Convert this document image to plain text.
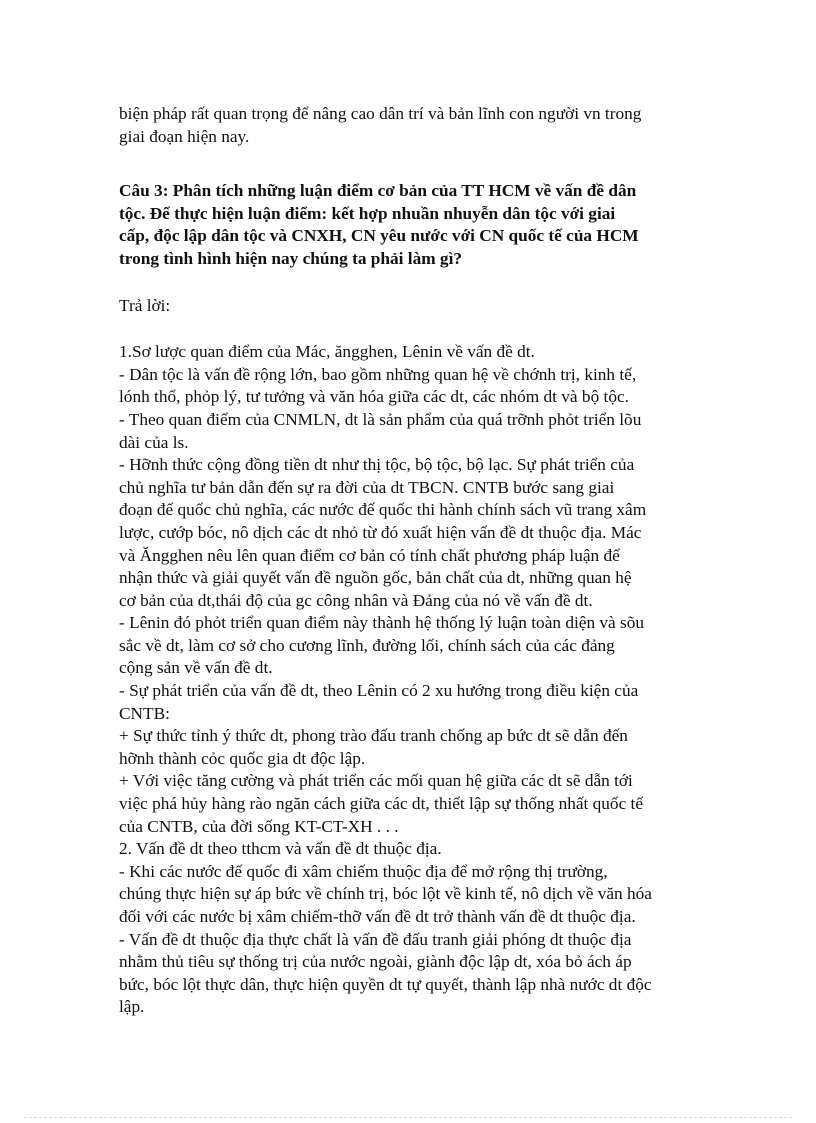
biện pháp rất quan trọng để nâng cao dân trí và bản lĩnh con người vn trong
giai đoạn hiện nay.

Câu 3: Phân tích những luận điểm cơ bản của TT HCM về vấn đề dân
tộc. Để thực hiện luận điểm: kết hợp nhuần nhuyễn dân tộc với giai
cấp, độc lập dân tộc và CNXH, CN yêu nước với CN quốc tế của HCM
trong tình hình hiện nay chúng ta phải làm gì?

Trả lời:

1.Sơ lược quan điểm của Mác, ăngghen, Lênin về vấn đề dt.
- Dân tộc là vấn đề rộng lớn, bao gồm những quan hệ về chớnh trị, kinh tế,
lónh thổ, phỏp lý, tư tưởng và văn hóa giữa các dt, các nhóm dt và bộ tộc.
- Theo quan điểm của CNMLN, dt là sản phẩm của quá trỡnh phỏt triển lõu
dài của ls.
- Hỡnh thức cộng đồng tiền dt như thị tộc, bộ tộc, bộ lạc. Sự phát triển của
chủ nghĩa tư bản dẫn đến sự ra đời của dt TBCN. CNTB bước sang giai
đoạn đế quốc chủ nghĩa, các nước đế quốc thi hành chính sách vũ trang xâm
lược, cướp bóc, nô dịch các dt nhỏ từ đó xuất hiện vấn đề dt thuộc địa. Mác
và Ăngghen nêu lên quan điểm cơ bản có tính chất phương pháp luận để
nhận thức và giải quyết vấn đề nguồn gốc, bản chất của dt, những quan hệ
cơ bản của dt,thái độ của gc công nhân và Đảng của nó về vấn đề dt.
- Lênin đó phỏt triển quan điểm này thành hệ thống lý luận toàn diện và sõu
sắc về dt, làm cơ sở cho cương lĩnh, đường lối, chính sách của các đảng
cộng sản về vấn đề dt.
- Sự phát triển của vấn đề dt, theo Lênin có 2 xu hướng trong điều kiện của
CNTB:
+ Sự thức tỉnh ý thức dt, phong trào đấu tranh chống ap bức dt sẽ dẫn đến
hỡnh thành cỏc quốc gia dt độc lập.
+ Với việc tăng cường và phát triển các mối quan hệ giữa các dt sẽ dẫn tới
việc phá hủy hàng rào ngăn cách giữa các dt, thiết lập sự thống nhất quốc tế
của CNTB, của đời sống KT-CT-XH . . .
2. Vấn đề dt theo tthcm và vấn đề dt thuộc địa.
- Khi các nước đế quốc đi xâm chiếm thuộc địa để mở rộng thị trường,
chúng thực hiện sự áp bức về chính trị, bóc lột về kinh tế, nô dịch về văn hóa
đối với các nước bị xâm chiếm-thỡ vấn đề dt trở thành vấn đề dt thuộc địa.
- Vấn đề dt thuộc địa thực chất là vấn đề đấu tranh giải phóng dt thuộc địa
nhằm thủ tiêu sự thống trị của nước ngoài, giành độc lập dt, xóa bỏ ách áp
bức, bóc lột thực dân, thực hiện quyền dt tự quyết, thành lập nhà nước dt độc
lập.
